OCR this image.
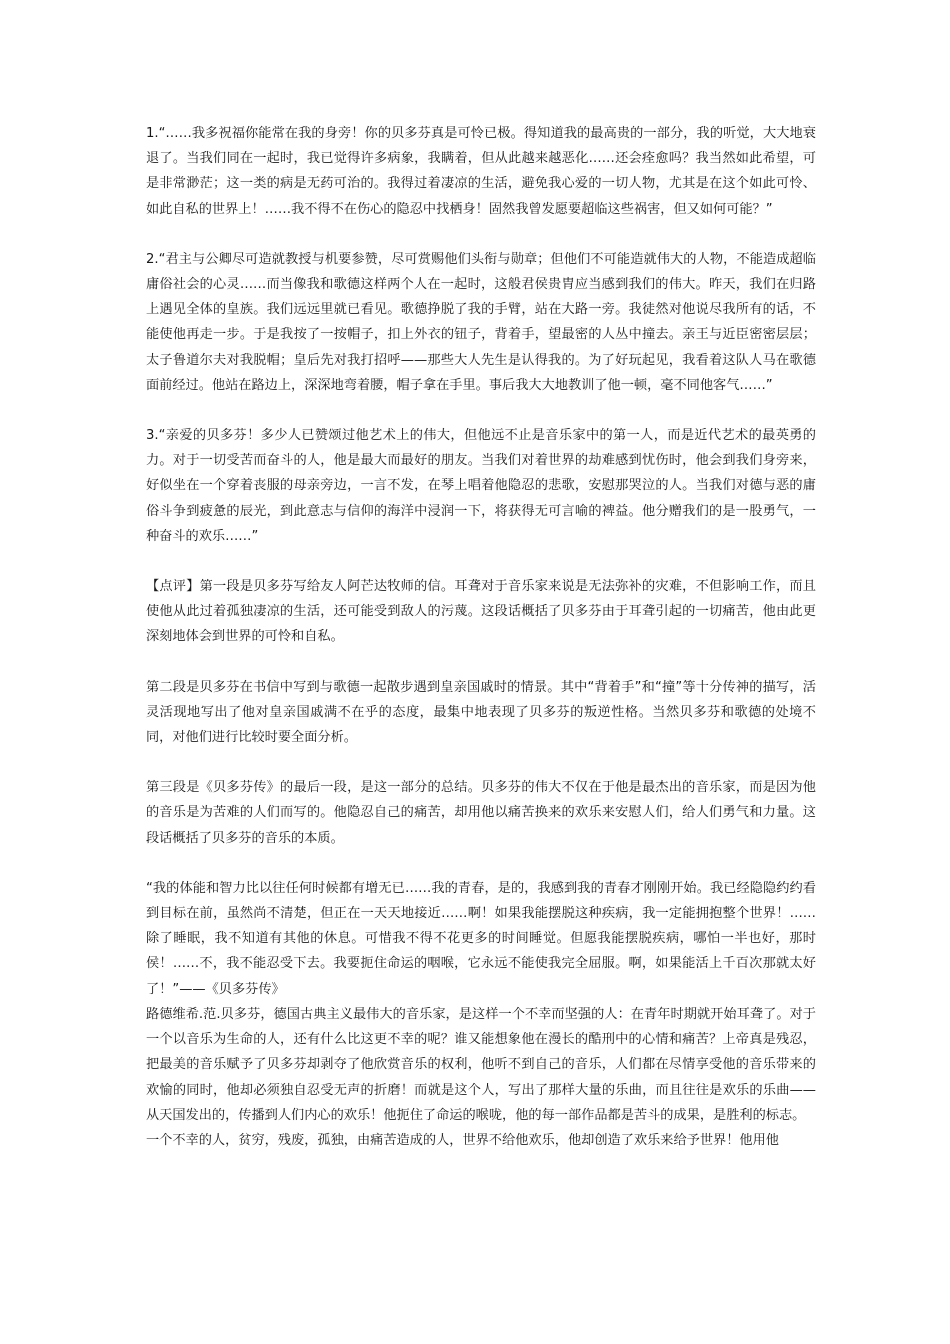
1.“……我多祝福你能常在我的身旁！你的贝多芬真是可怜已极。得知道我的最高贵的一部分，我的听觉，大大地衰退了。当我们同在一起时，我已觉得许多病象，我瞒着，但从此越来越恶化……还会痊愈吗？我当然如此希望，可是非常渺茫；这一类的病是无药可治的。我得过着凄凉的生活，避免我心爱的一切人物，尤其是在这个如此可怜、如此自私的世界上！……我不得不在伤心的隐忍中找栖身！固然我曾发愿要超临这些祸害，但又如何可能？”

2.“君主与公卿尽可造就教授与机要参赞，尽可赏赐他们头衔与勋章；但他们不可能造就伟大的人物，不能造成超临庸俗社会的心灵……而当像我和歌德这样两个人在一起时，这般君侯贵胄应当感到我们的伟大。昨天，我们在归路上遇见全体的皇族。我们远远里就已看见。歌德挣脱了我的手臂，站在大路一旁。我徒然对他说尽我所有的话，不能使他再走一步。于是我按了一按帽子，扣上外衣的钮子，背着手，望最密的人丛中撞去。亲王与近臣密密层层；太子鲁道尔夫对我脱帽；皇后先对我打招呼——那些大人先生是认得我的。为了好玩起见，我看着这队人马在歌德面前经过。他站在路边上，深深地弯着腰，帽子拿在手里。事后我大大地教训了他一顿，毫不同他客气……”

3.“亲爱的贝多芬！多少人已赞颂过他艺术上的伟大，但他远不止是音乐家中的第一人，而是近代艺术的最英勇的力。对于一切受苦而奋斗的人，他是最大而最好的朋友。当我们对着世界的劫难感到忧伤时，他会到我们身旁来，好似坐在一个穿着丧服的母亲旁边，一言不发，在琴上唱着他隐忍的悲歌，安慰那哭泣的人。当我们对德与恶的庸俗斗争到疲惫的辰光，到此意志与信仰的海洋中浸润一下，将获得无可言喻的裨益。他分赠我们的是一股勇气，一种奋斗的欢乐……”

【点评】第一段是贝多芬写给友人阿芒达牧师的信。耳聋对于音乐家来说是无法弥补的灾难，不但影响工作，而且使他从此过着孤独凄凉的生活，还可能受到敌人的污蔑。这段话概括了贝多芬由于耳聋引起的一切痛苦，他由此更深刻地体会到世界的可怜和自私。

第二段是贝多芬在书信中写到与歌德一起散步遇到皇亲国戚时的情景。其中“背着手”和“撞”等十分传神的描写，活灵活现地写出了他对皇亲国戚满不在乎的态度，最集中地表现了贝多芬的叛逆性格。当然贝多芬和歌德的处境不同，对他们进行比较时要全面分析。

第三段是《贝多芬传》的最后一段，是这一部分的总结。贝多芬的伟大不仅在于他是最杰出的音乐家，而是因为他的音乐是为苦难的人们而写的。他隐忍自己的痛苦，却用他以痛苦换来的欢乐来安慰人们，给人们勇气和力量。这段话概括了贝多芬的音乐的本质。

“我的体能和智力比以往任何时候都有增无已……我的青春，是的，我感到我的青春才刚刚开始。我已经隐隐约约看到目标在前，虽然尚不清楚，但正在一天天地接近……啊！如果我能摆脱这种疾病，我一定能拥抱整个世界！……除了睡眠，我不知道有其他的休息。可惜我不得不花更多的时间睡觉。但愿我能摆脱疾病，哪怕一半也好，那时侯！……不，我不能忍受下去。我要扼住命运的咽喉，它永远不能使我完全屈服。啊，如果能活上千百次那就太好了！”——《贝多芬传》

路德维希.范.贝多芬，德国古典主义最伟大的音乐家，是这样一个不幸而坚强的人：在青年时期就开始耳聋了。对于一个以音乐为生命的人，还有什么比这更不幸的呢？谁又能想象他在漫长的酷刑中的心情和痛苦？上帝真是残忍，把最美的音乐赋予了贝多芬却剥夺了他欣赏音乐的权利，他听不到自己的音乐，人们都在尽情享受他的音乐带来的欢愉的同时，他却必须独自忍受无声的折磨！而就是这个人，写出了那样大量的乐曲，而且往往是欢乐的乐曲——从天国发出的，传播到人们内心的欢乐！他扼住了命运的喉咙，他的每一部作品都是苦斗的成果，是胜利的标志。

一个不幸的人，贫穷，残废，孤独，由痛苦造成的人，世界不给他欢乐，他却创造了欢乐来给予世界！他用他
